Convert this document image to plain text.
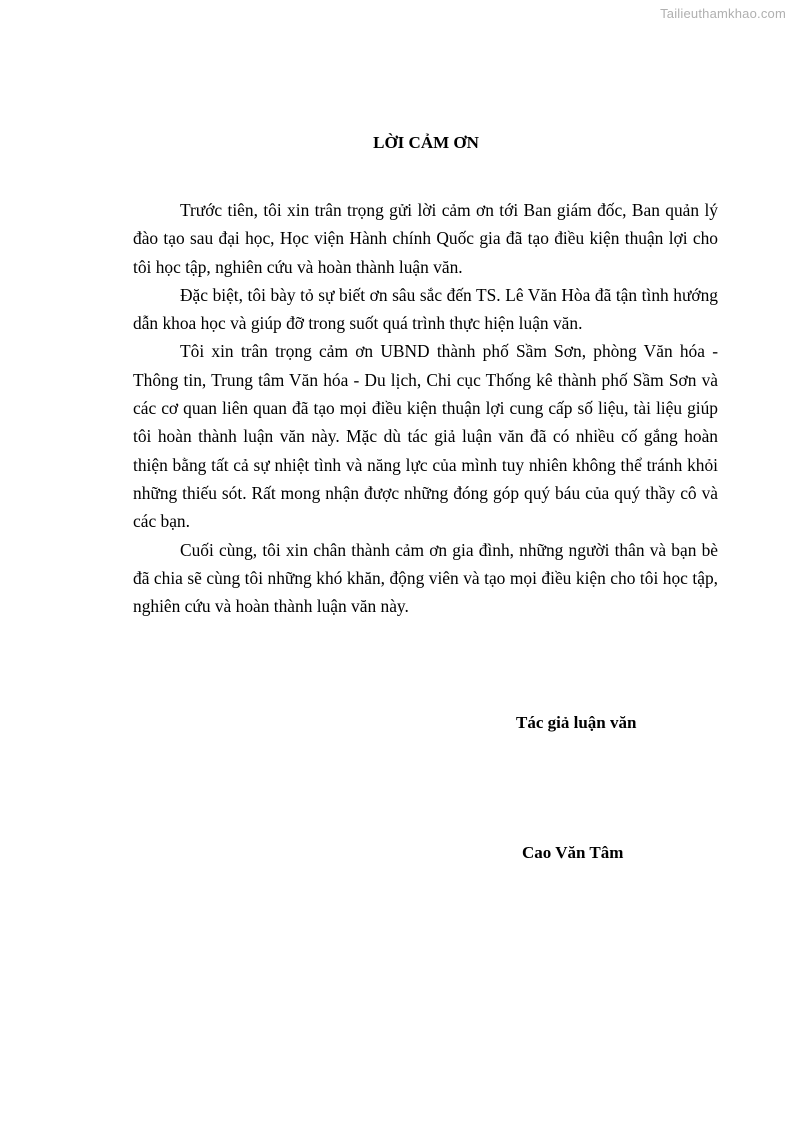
Tailieuthamkhao.com
LỜI CẢM ƠN

Trước tiên, tôi xin trân trọng gửi lời cảm ơn tới Ban giám đốc, Ban quản lý đào tạo sau đại học, Học viện Hành chính Quốc gia đã tạo điều kiện thuận lợi cho tôi học tập, nghiên cứu và hoàn thành luận văn.

Đặc biệt, tôi bày tỏ sự biết ơn sâu sắc đến TS. Lê Văn Hòa đã tận tình hướng dẫn khoa học và giúp đỡ trong suốt quá trình thực hiện luận văn.

Tôi xin trân trọng cảm ơn UBND thành phố Sầm Sơn, phòng Văn hóa - Thông tin, Trung tâm Văn hóa - Du lịch, Chi cục Thống kê thành phố Sầm Sơn và các cơ quan liên quan đã tạo mọi điều kiện thuận lợi cung cấp số liệu, tài liệu giúp tôi hoàn thành luận văn này. Mặc dù tác giả luận văn đã có nhiều cố gắng hoàn thiện bằng tất cả sự nhiệt tình và năng lực của mình tuy nhiên không thể tránh khỏi những thiếu sót. Rất mong nhận được những đóng góp quý báu của quý thầy cô và các bạn.

Cuối cùng, tôi xin chân thành cảm ơn gia đình, những người thân và bạn bè đã chia sẽ cùng tôi những khó khăn, động viên và tạo mọi điều kiện cho tôi học tập, nghiên cứu và hoàn thành luận văn này.

Tác giả luận văn
Cao Văn Tâm
